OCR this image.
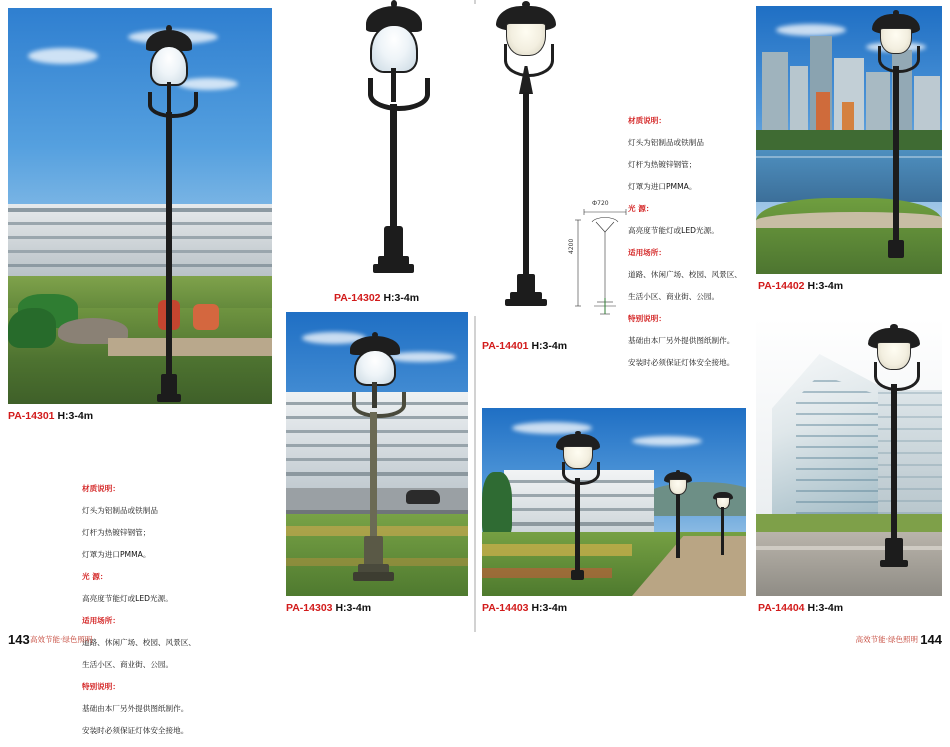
PA-14301 H:3-4m

材质说明：

灯头为铝制品或铁制品

灯杆为热镀锌钢管；

灯罩为进口PMMA。

光 源：

高亮度节能灯或LED光源。

适用场所：

道路、休闲广场、校园、风景区、

生活小区、商业街、公园。

特别说明：

基础由本厂另外提供图纸制作。

安装时必须保证灯体安全接地。

PA-14302 H:3-4m
PA-14401 H:3-4m
Ф720
4200

材质说明：

灯头为铝制品或铁制品

灯杆为热镀锌钢管；

灯罩为进口PMMA。

光 源：

高亮度节能灯或LED光源。

适用场所：

道路、休闲广场、校园、风景区、

生活小区、商业街、公园。

特别说明：

基础由本厂另外提供图纸制作。

安装时必须保证灯体安全接地。

PA-14402 H:3-4m
PA-14303 H:3-4m	PA-14403 H:3-4m	PA-14404 H:3-4m
143 高效节能·绿色照明	144
高效节能·绿色照明
